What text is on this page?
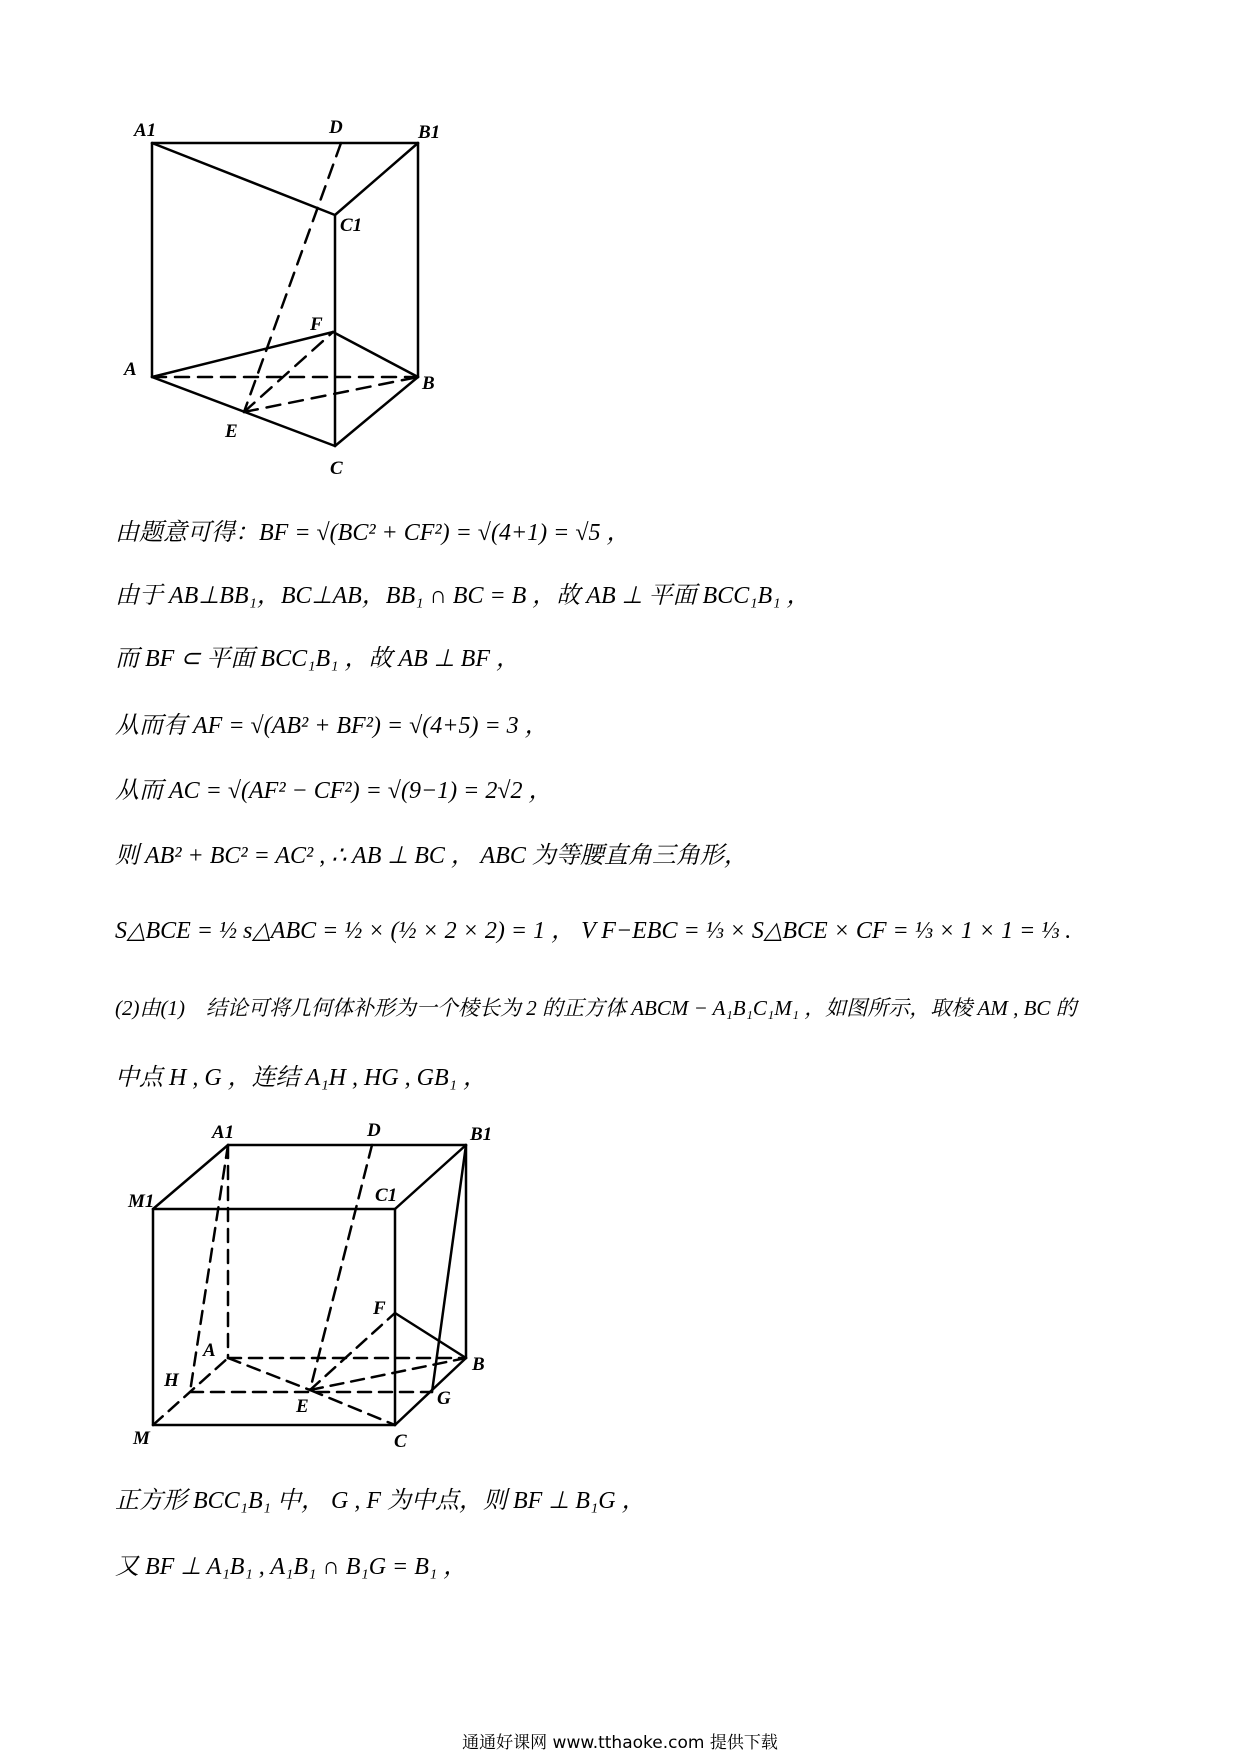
A1	D	B1
C1
F
A
B
E
C
由题意可得：BF = √(BC² + CF²) = √(4+1) = √5 ，
由于 AB⊥BB₁，BC⊥AB，BB₁ ∩ BC = B ，故 AB ⊥ 平面 BCC₁B₁ ，
而 BF ⊂ 平面 BCC₁B₁ ，故 AB ⊥ BF ，
从而有 AF = √(AB² + BF²) = √(4+5) = 3 ，
从而 AC = √(AF² − CF²) = √(9−1) = 2√2 ，
则 AB² + BC² = AC² , ∴ AB ⊥ BC ， ABC 为等腰直角三角形，
S△BCE = ½ s△ABC = ½ × (½ × 2 × 2) = 1 ， V F−EBC = ⅓ × S△BCE × CF = ⅓ × 1 × 1 = ⅓ .
(2)由(1)　结论可将几何体补形为一个棱长为 2 的正方体 ABCM − A₁B₁C₁M₁ ，如图所示，取棱 AM , BC 的
中点 H , G ，连结 A₁H , HG , GB₁ ，
A1	D	B1
M1	C1
F
A
B
H
E	G
M	C
正方形 BCC₁B₁ 中， G , F 为中点，则 BF ⊥ B₁G ，
又 BF ⊥ A₁B₁ , A₁B₁ ∩ B₁G = B₁ ，
通通好课网 www.tthaoke.com 提供下载
